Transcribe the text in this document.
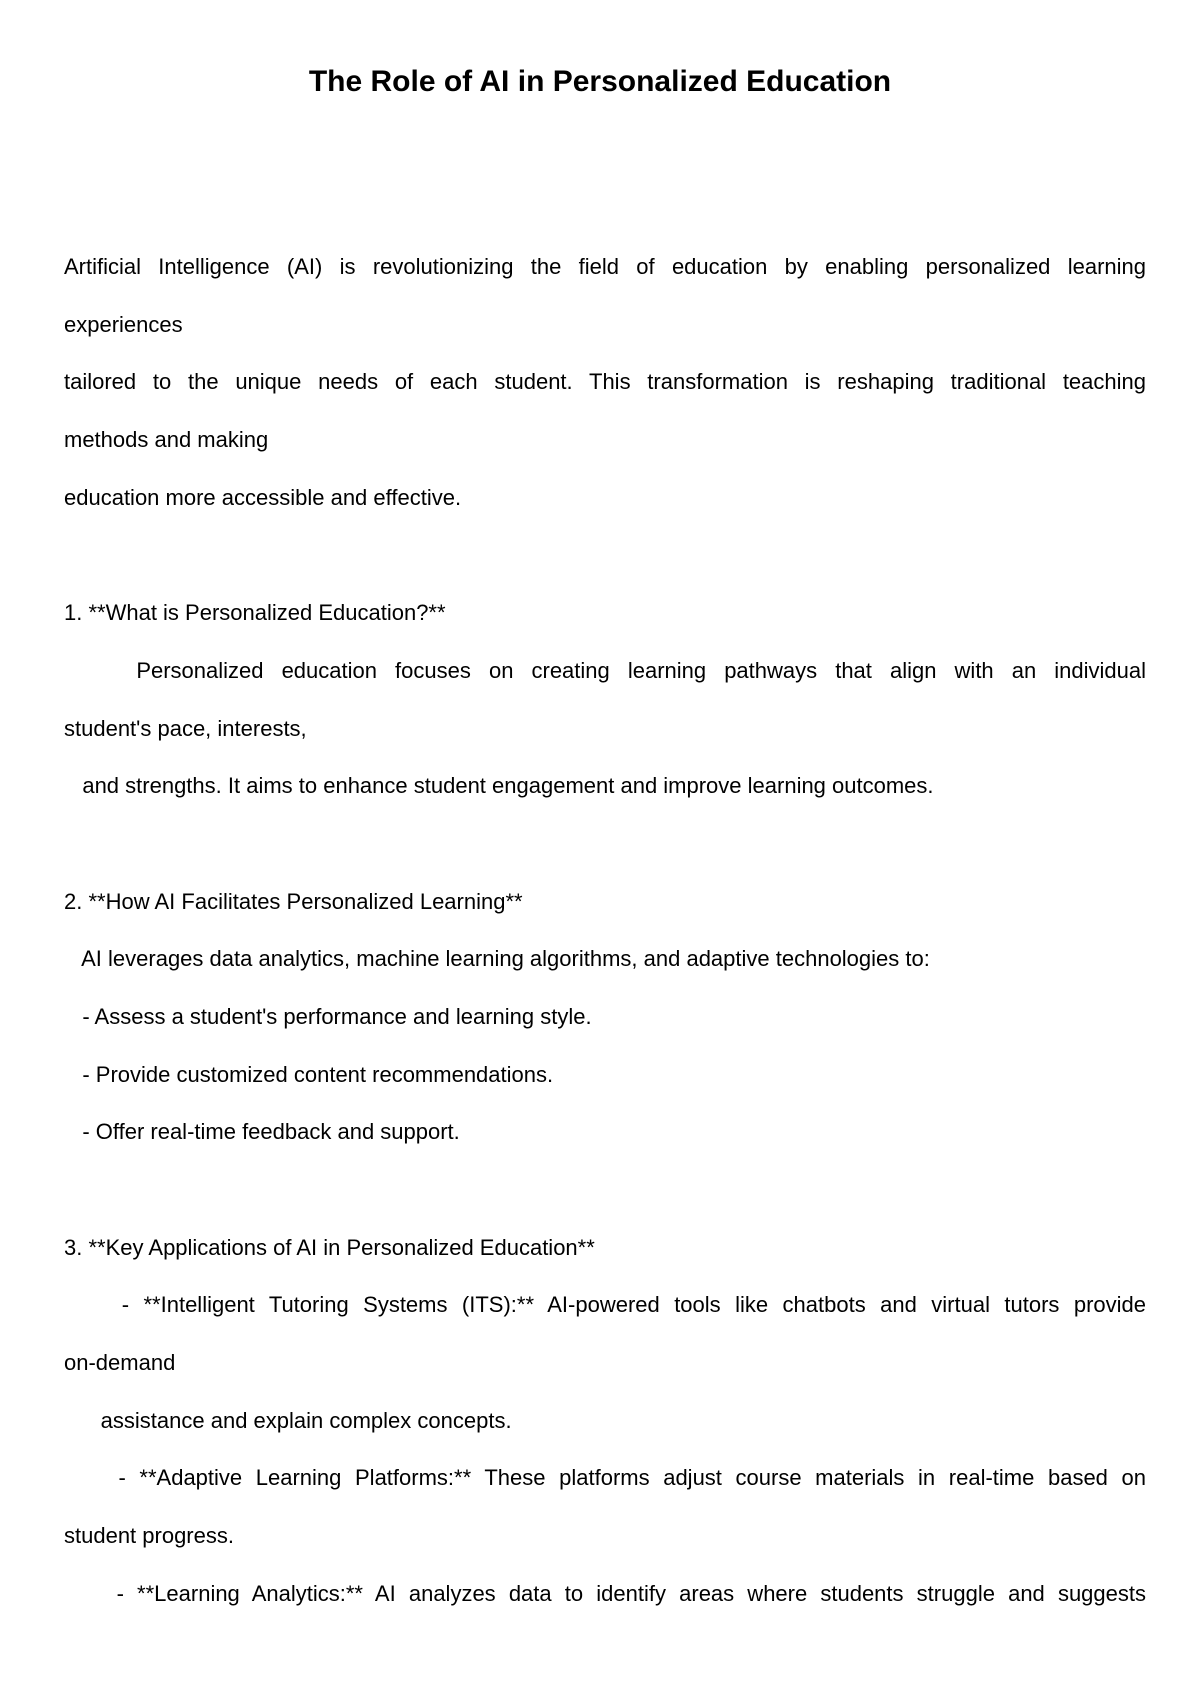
The Role of AI in Personalized Education
Artificial Intelligence (AI) is revolutionizing the field of education by enabling personalized learning
experiences
tailored to the unique needs of each student. This transformation is reshaping traditional teaching
methods and making
education more accessible and effective.
1. **What is Personalized Education?**
Personalized education focuses on creating learning pathways that align with an individual
student's pace, interests,
and strengths. It aims to enhance student engagement and improve learning outcomes.
2. **How AI Facilitates Personalized Learning**
AI leverages data analytics, machine learning algorithms, and adaptive technologies to:
- Assess a student's performance and learning style.
- Provide customized content recommendations.
- Offer real-time feedback and support.
3. **Key Applications of AI in Personalized Education**
- **Intelligent Tutoring Systems (ITS):** AI-powered tools like chatbots and virtual tutors provide
on-demand
assistance and explain complex concepts.
- **Adaptive Learning Platforms:** These platforms adjust course materials in real-time based on
student progress.
- **Learning Analytics:** AI analyzes data to identify areas where students struggle and suggests
